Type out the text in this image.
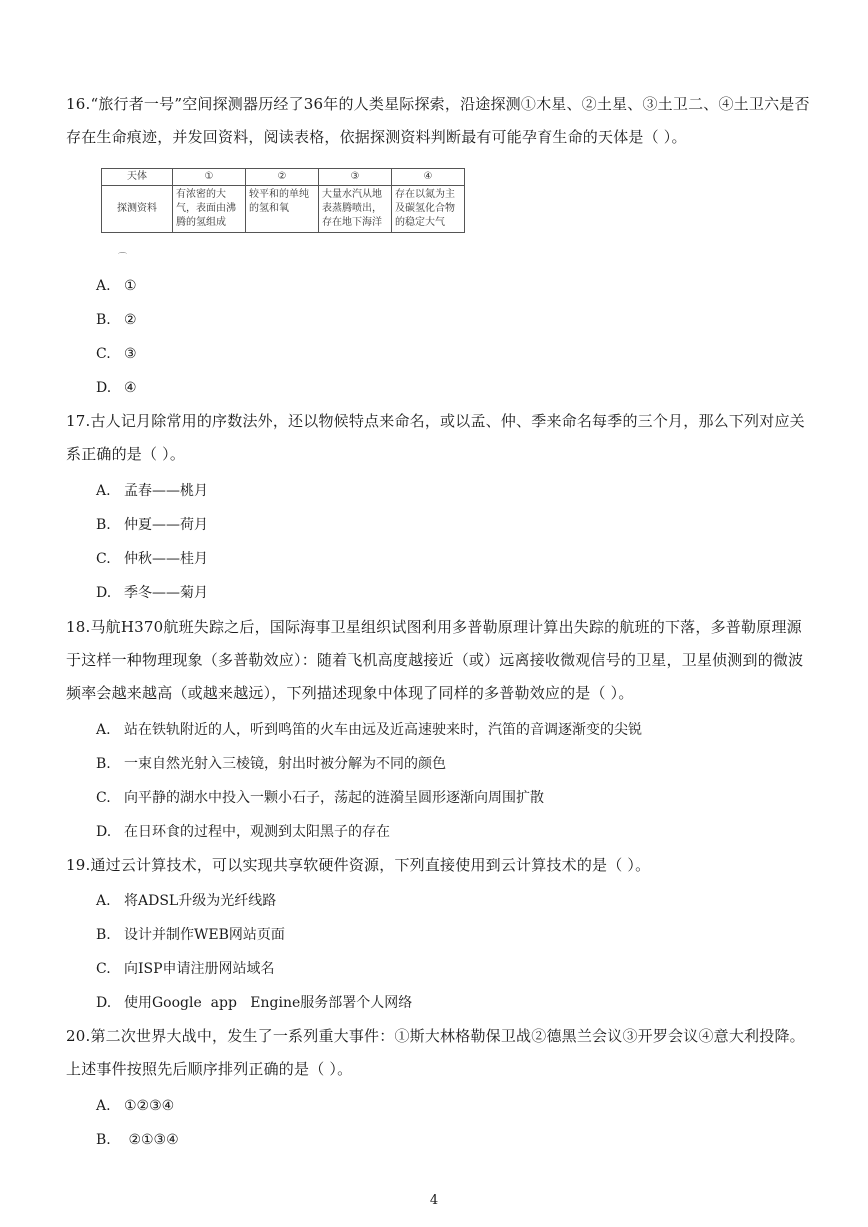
16.“旅行者一号”空间探测器历经了36年的人类星际探索，沿途探测①木星、②土星、③土卫二、④土卫六是否存在生命痕迹，并发回资料，阅读表格，依据探测资料判断最有可能孕育生命的天体是（ ）。
天体	①	②	③	④
探测资料	有浓密的大气，表面由沸腾的氢组成	较平和的单纯的氢和氧	大量水汽从地表蒸腾喷出，存在地下海洋	存在以氮为主及碳氢化合物的稳定大气
⌒
A. ①
B. ②
C. ③
D. ④
17.古人记月除常用的序数法外，还以物候特点来命名，或以孟、仲、季来命名每季的三个月，那么下列对应关系正确的是（ ）。
A. 孟春——桃月
B. 仲夏——荷月
C. 仲秋——桂月
D. 季冬——菊月
18.马航H370航班失踪之后，国际海事卫星组织试图利用多普勒原理计算出失踪的航班的下落，多普勒原理源于这样一种物理现象（多普勒效应）：随着飞机高度越接近（或）远离接收微观信号的卫星，卫星侦测到的微波频率会越来越高（或越来越远），下列描述现象中体现了同样的多普勒效应的是（ ）。
A. 站在铁轨附近的人，听到鸣笛的火车由远及近高速驶来时，汽笛的音调逐渐变的尖锐
B. 一束自然光射入三棱镜，射出时被分解为不同的颜色
C. 向平静的湖水中投入一颗小石子，荡起的涟漪呈圆形逐渐向周围扩散
D. 在日环食的过程中，观测到太阳黑子的存在
19.通过云计算技术，可以实现共享软硬件资源，下列直接使用到云计算技术的是（ ）。
A. 将ADSL升级为光纤线路
B. 设计并制作WEB网站页面
C. 向ISP申请注册网站域名
D. 使用Google  app   Engine服务部署个人网络
20.第二次世界大战中，发生了一系列重大事件：①斯大林格勒保卫战②德黑兰会议③开罗会议④意大利投降。上述事件按照先后顺序排列正确的是（ ）。
A. ①②③④
B. ②①③④
4
